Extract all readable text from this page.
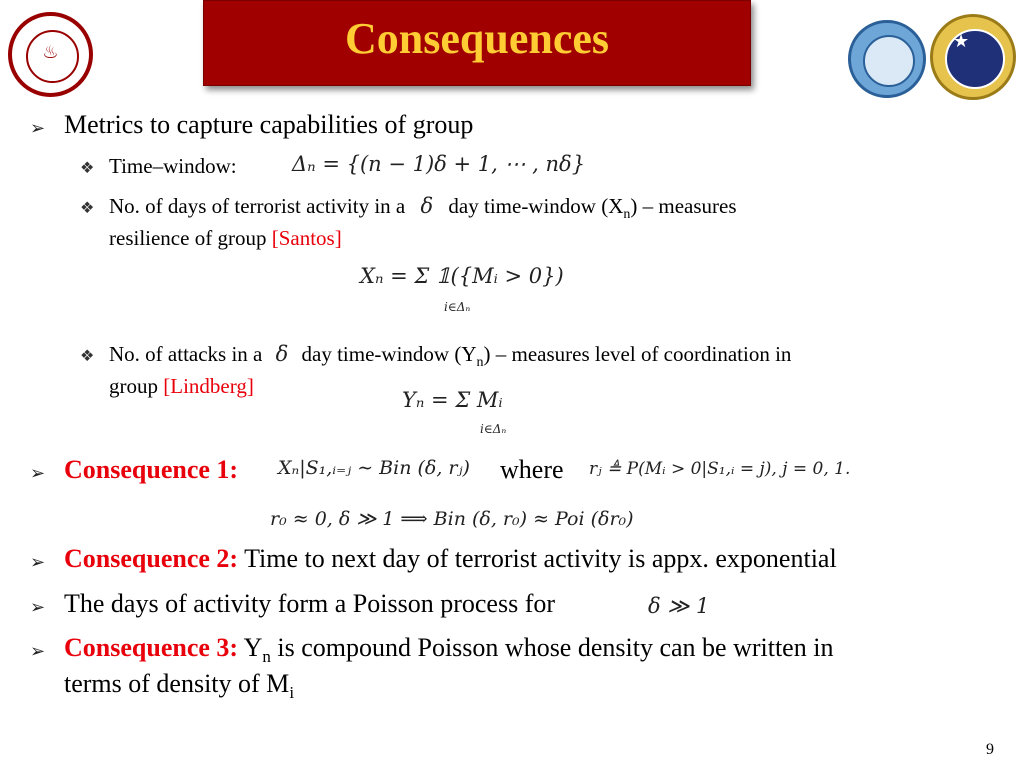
Consequences
♨
★
➢ Metrics to capture capabilities of group
❖ Time–window:	Δₙ = {(n − 1)δ + 1, ⋯ , nδ}
❖ No. of days of terrorist activity in a δ day time-window $(X_n)$ – measures
resilience of group [Santos]
Xₙ = Σ 𝟙({Mᵢ > 0})
i∈Δₙ
❖ No. of attacks in a δ day time-window $(Y_n)$ – measures level of coordination in
group [Lindberg]
Yₙ = Σ Mᵢ
i∈Δₙ
➢ Consequence 1: Xₙ|S₁,ᵢ₌ⱼ ∼ Bin (δ, rⱼ) where rⱼ ≜ P(Mᵢ > 0|S₁,ᵢ = j), j = 0, 1.
r₀ ≈ 0, δ ≫ 1 ⟹ Bin (δ, r₀) ≈ Poi (δr₀)
➢ Consequence 2: Time to next day of terrorist activity is appx. exponential
➢ The days of activity form a Poisson process for	δ ≫ 1
➢ Consequence 3: $Y_n$ is compound Poisson whose density can be written in
terms of density of $M_i$
9
